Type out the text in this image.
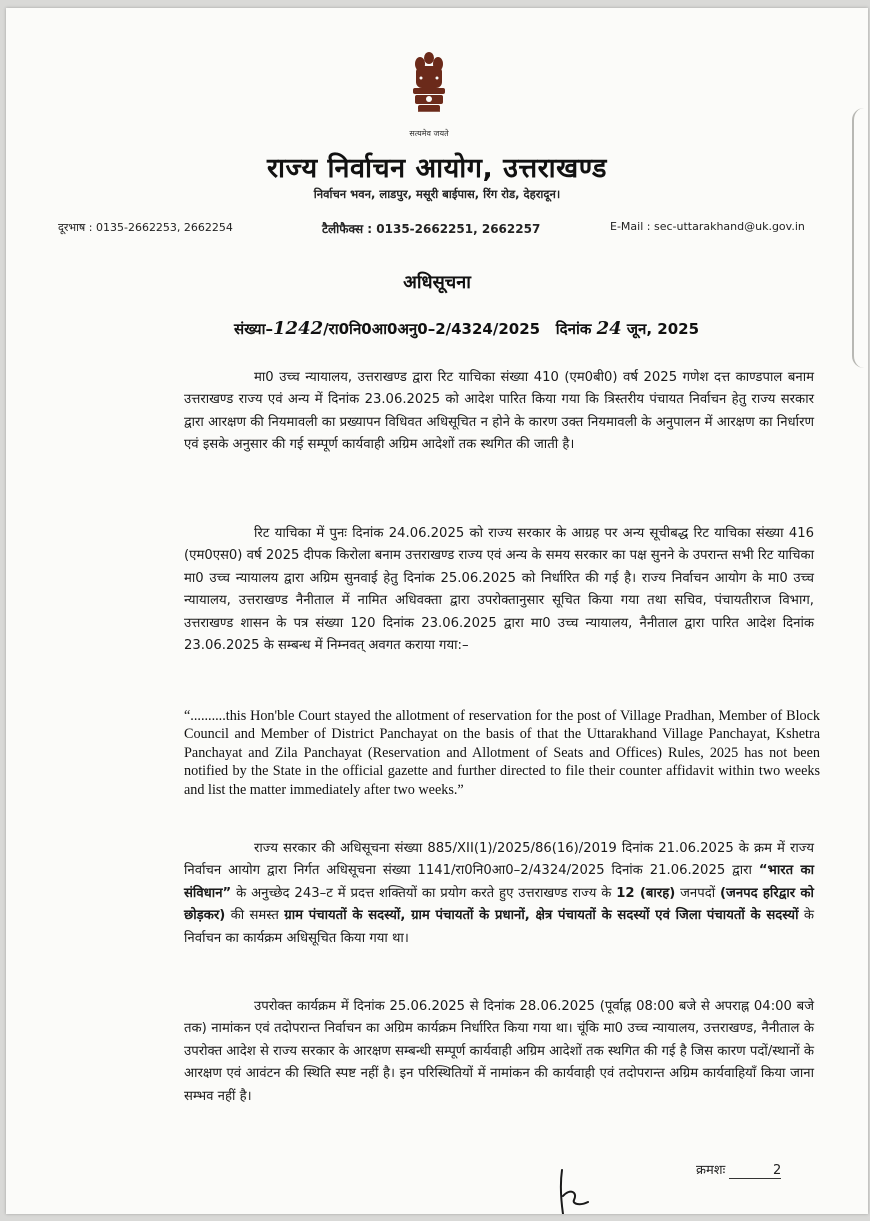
सत्यमेव जयते
राज्य निर्वाचन आयोग, उत्तराखण्ड
निर्वाचन भवन, लाडपुर, मसूरी बाईपास, रिंग रोड, देहरादून।
दूरभाष : 0135-2662253, 2662254	टैलीफैक्स : 0135-2662251, 2662257	E-Mail : sec-uttarakhand@uk.gov.in
अधिसूचना
संख्या–1242/रा0नि0आ0अनु0–2/4324/2025 दिनांक 24 जून, 2025
मा0 उच्च न्यायालय, उत्तराखण्ड द्वारा रिट याचिका संख्या 410 (एम0बी0) वर्ष 2025 गणेश दत्त काण्डपाल बनाम उत्तराखण्ड राज्य एवं अन्य में दिनांक 23.06.2025 को आदेश पारित किया गया कि त्रिस्तरीय पंचायत निर्वाचन हेतु राज्य सरकार द्वारा आरक्षण की नियमावली का प्रख्यापन विधिवत अधिसूचित न होने के कारण उक्त नियमावली के अनुपालन में आरक्षण का निर्धारण एवं इसके अनुसार की गई सम्पूर्ण कार्यवाही अग्रिम आदेशों तक स्थगित की जाती है।
रिट याचिका में पुनः दिनांक 24.06.2025 को राज्य सरकार के आग्रह पर अन्य सूचीबद्ध रिट याचिका संख्या 416 (एम0एस0) वर्ष 2025 दीपक किरोला बनाम उत्तराखण्ड राज्य एवं अन्य के समय सरकार का पक्ष सुनने के उपरान्त सभी रिट याचिका मा0 उच्च न्यायालय द्वारा अग्रिम सुनवाई हेतु दिनांक 25.06.2025 को निर्धारित की गई है। राज्य निर्वाचन आयोग के मा0 उच्च न्यायालय, उत्तराखण्ड नैनीताल में नामित अधिवक्ता द्वारा उपरोक्तानुसार सूचित किया गया तथा सचिव, पंचायतीराज विभाग, उत्तराखण्ड शासन के पत्र संख्या 120 दिनांक 23.06.2025 द्वारा मा0 उच्च न्यायालय, नैनीताल द्वारा पारित आदेश दिनांक 23.06.2025 के सम्बन्ध में निम्नवत् अवगत कराया गया:–
“..........this Hon'ble Court stayed the allotment of reservation for the post of Village Pradhan, Member of Block Council and Member of District Panchayat on the basis of that the Uttarakhand Village Panchayat, Kshetra Panchayat and Zila Panchayat (Reservation and Allotment of Seats and Offices) Rules, 2025 has not been notified by the State in the official gazette and further directed to file their counter affidavit within two weeks and list the matter immediately after two weeks.”
राज्य सरकार की अधिसूचना संख्या 885/XII(1)/2025/86(16)/2019 दिनांक 21.06.2025 के क्रम में राज्य निर्वाचन आयोग द्वारा निर्गत अधिसूचना संख्या 1141/रा0नि0आ0–2/4324/2025 दिनांक 21.06.2025 द्वारा “भारत का संविधान” के अनुच्छेद 243–ट में प्रदत्त शक्तियों का प्रयोग करते हुए उत्तराखण्ड राज्य के 12 (बारह) जनपदों (जनपद हरिद्वार को छोड़कर) की समस्त ग्राम पंचायतों के सदस्यों, ग्राम पंचायतों के प्रधानों, क्षेत्र पंचायतों के सदस्यों एवं जिला पंचायतों के सदस्यों के निर्वाचन का कार्यक्रम अधिसूचित किया गया था।
उपरोक्त कार्यक्रम में दिनांक 25.06.2025 से दिनांक 28.06.2025 (पूर्वाह्न 08:00 बजे से अपराह्न 04:00 बजे तक) नामांकन एवं तदोपरान्त निर्वाचन का अग्रिम कार्यक्रम निर्धारित किया गया था। चूंकि मा0 उच्च न्यायालय, उत्तराखण्ड, नैनीताल के उपरोक्त आदेश से राज्य सरकार के आरक्षण सम्बन्धी सम्पूर्ण कार्यवाही अग्रिम आदेशों तक स्थगित की गई है जिस कारण पदों/स्थानों के आरक्षण एवं आवंटन की स्थिति स्पष्ट नहीं है। इन परिस्थितियों में नामांकन की कार्यवाही एवं तदोपरान्त अग्रिम कार्यवाहियाँ किया जाना सम्भव नहीं है।
क्रमशः	2
